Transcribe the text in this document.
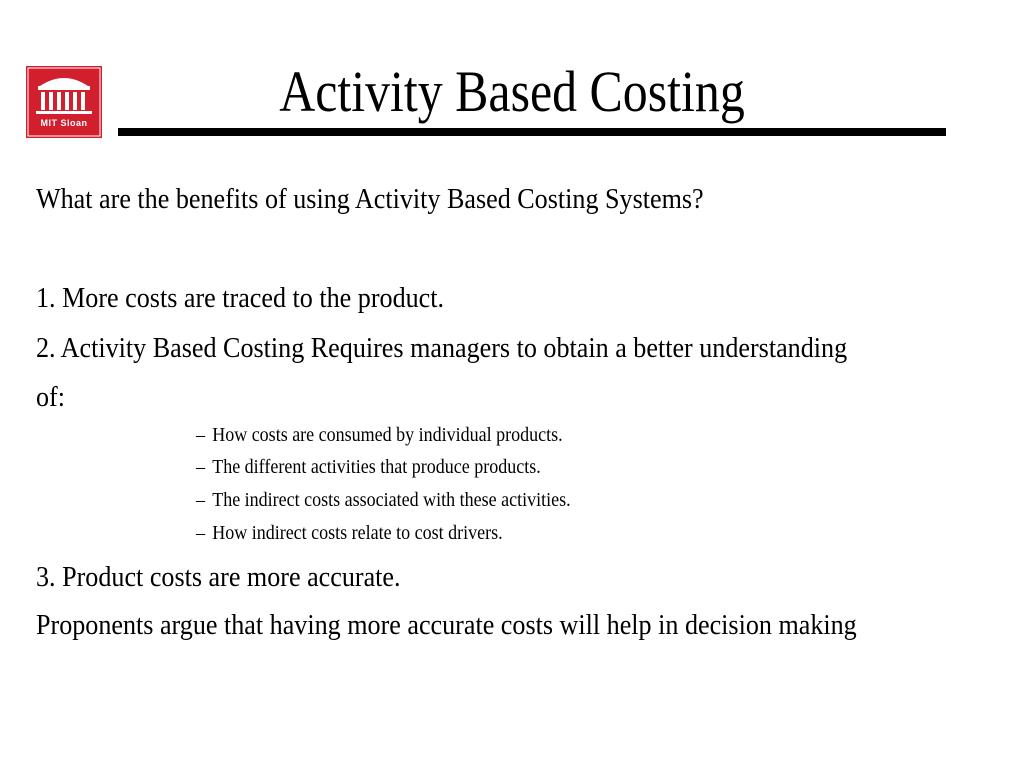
MIT Sloan	Activity Based Costing
What are the benefits of using Activity Based Costing Systems?
1. More costs are traced to the product.
2. Activity Based Costing Requires managers to obtain a better understanding
of:
– How costs are consumed by individual products.
– The different activities that produce products.
– The indirect costs associated with these activities.
– How indirect costs relate to cost drivers.
3. Product costs are more accurate.
Proponents argue that having more accurate costs will help in decision making
